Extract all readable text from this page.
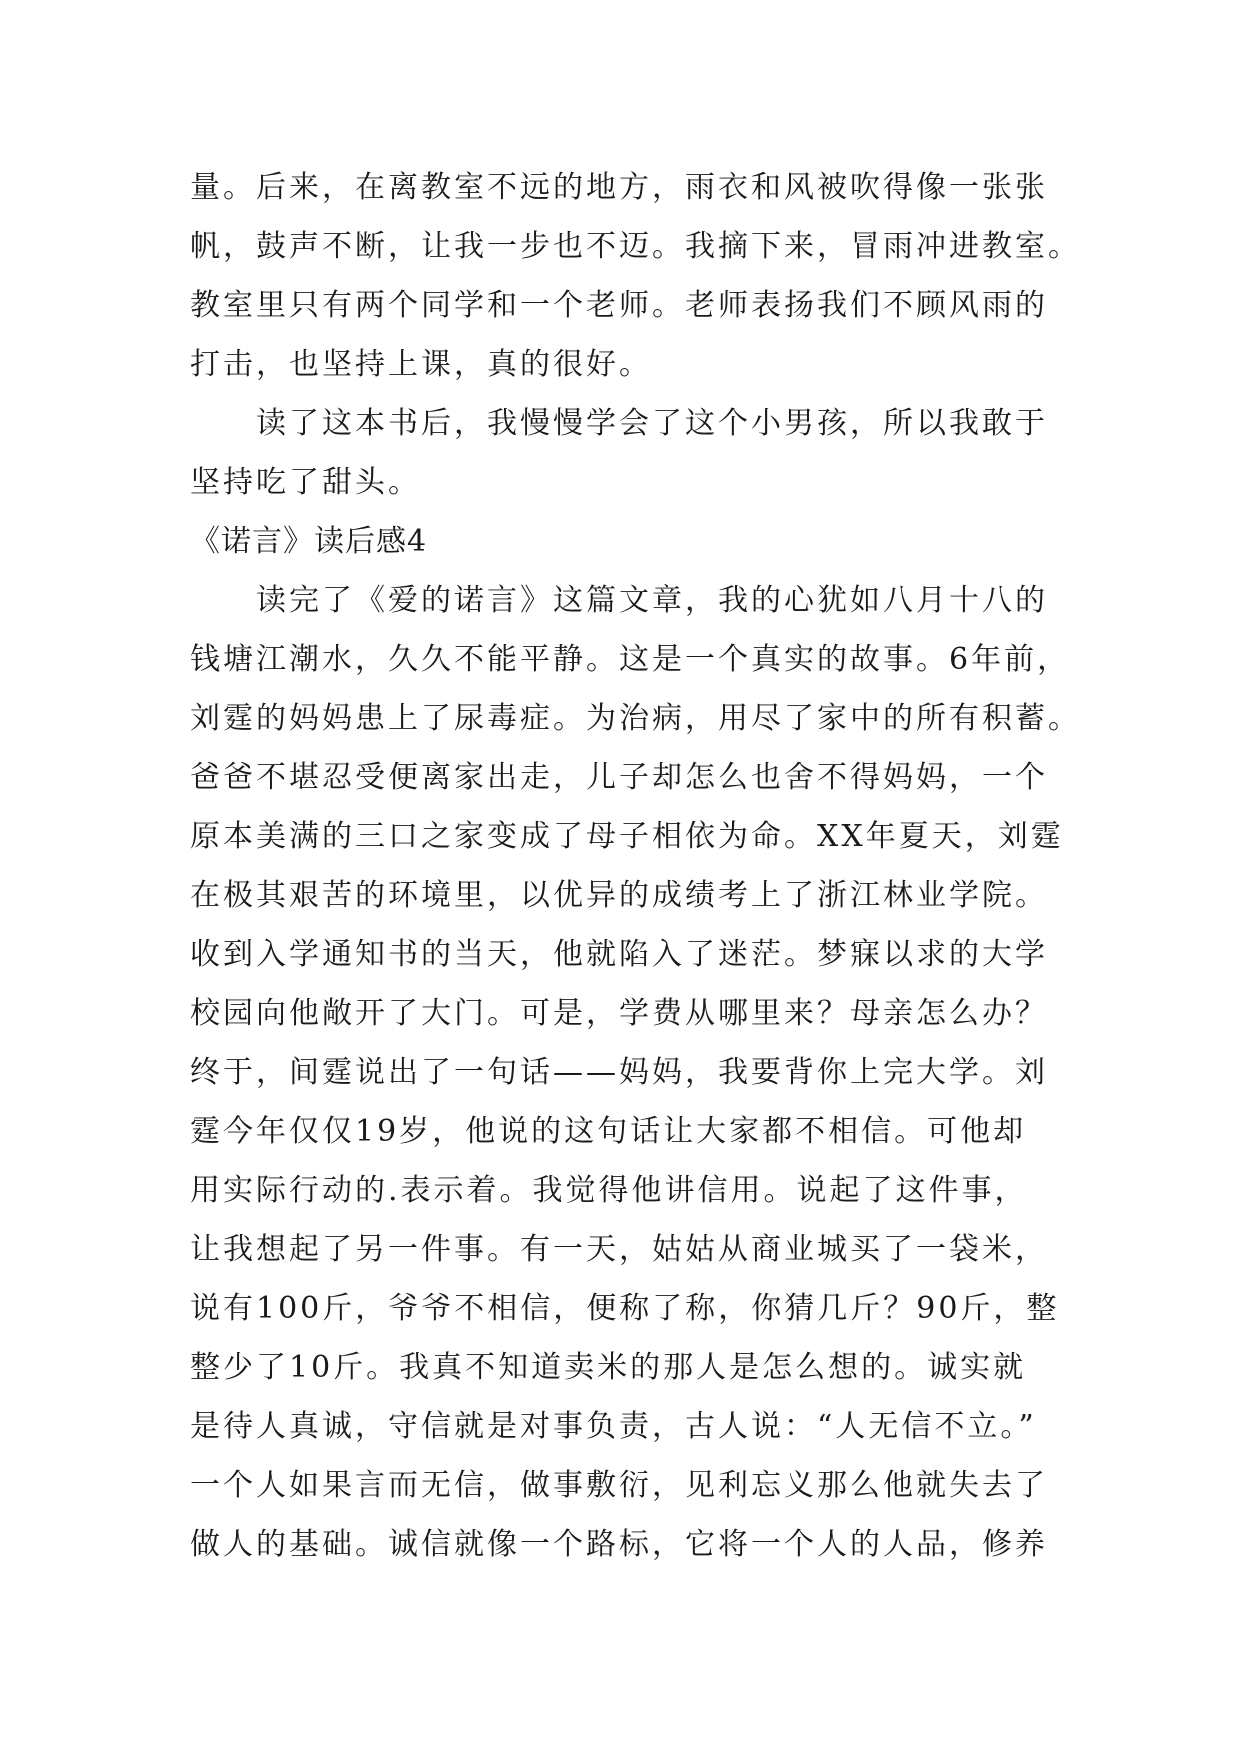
量。后来，在离教室不远的地方，雨衣和风被吹得像一张张
帆，鼓声不断，让我一步也不迈。我摘下来，冒雨冲进教室。
教室里只有两个同学和一个老师。老师表扬我们不顾风雨的
打击，也坚持上课，真的很好。
读了这本书后，我慢慢学会了这个小男孩，所以我敢于
坚持吃了甜头。
《诺言》读后感4
读完了《爱的诺言》这篇文章，我的心犹如八月十八的
钱塘江潮水，久久不能平静。这是一个真实的故事。6年前，
刘霆的妈妈患上了尿毒症。为治病，用尽了家中的所有积蓄。
爸爸不堪忍受便离家出走，儿子却怎么也舍不得妈妈，一个
原本美满的三口之家变成了母子相依为命。XX年夏天，刘霆
在极其艰苦的环境里，以优异的成绩考上了浙江林业学院。
收到入学通知书的当天，他就陷入了迷茫。梦寐以求的大学
校园向他敞开了大门。可是，学费从哪里来？母亲怎么办？
终于，间霆说出了一句话——妈妈，我要背你上完大学。刘
霆今年仅仅19岁，他说的这句话让大家都不相信。可他却
用实际行动的.表示着。我觉得他讲信用。说起了这件事，
让我想起了另一件事。有一天，姑姑从商业城买了一袋米，
说有100斤，爷爷不相信，便称了称，你猜几斤？90斤，整
整少了10斤。我真不知道卖米的那人是怎么想的。诚实就
是待人真诚，守信就是对事负责，古人说：“人无信不立。”
一个人如果言而无信，做事敷衍，见利忘义那么他就失去了
做人的基础。诚信就像一个路标，它将一个人的人品，修养
